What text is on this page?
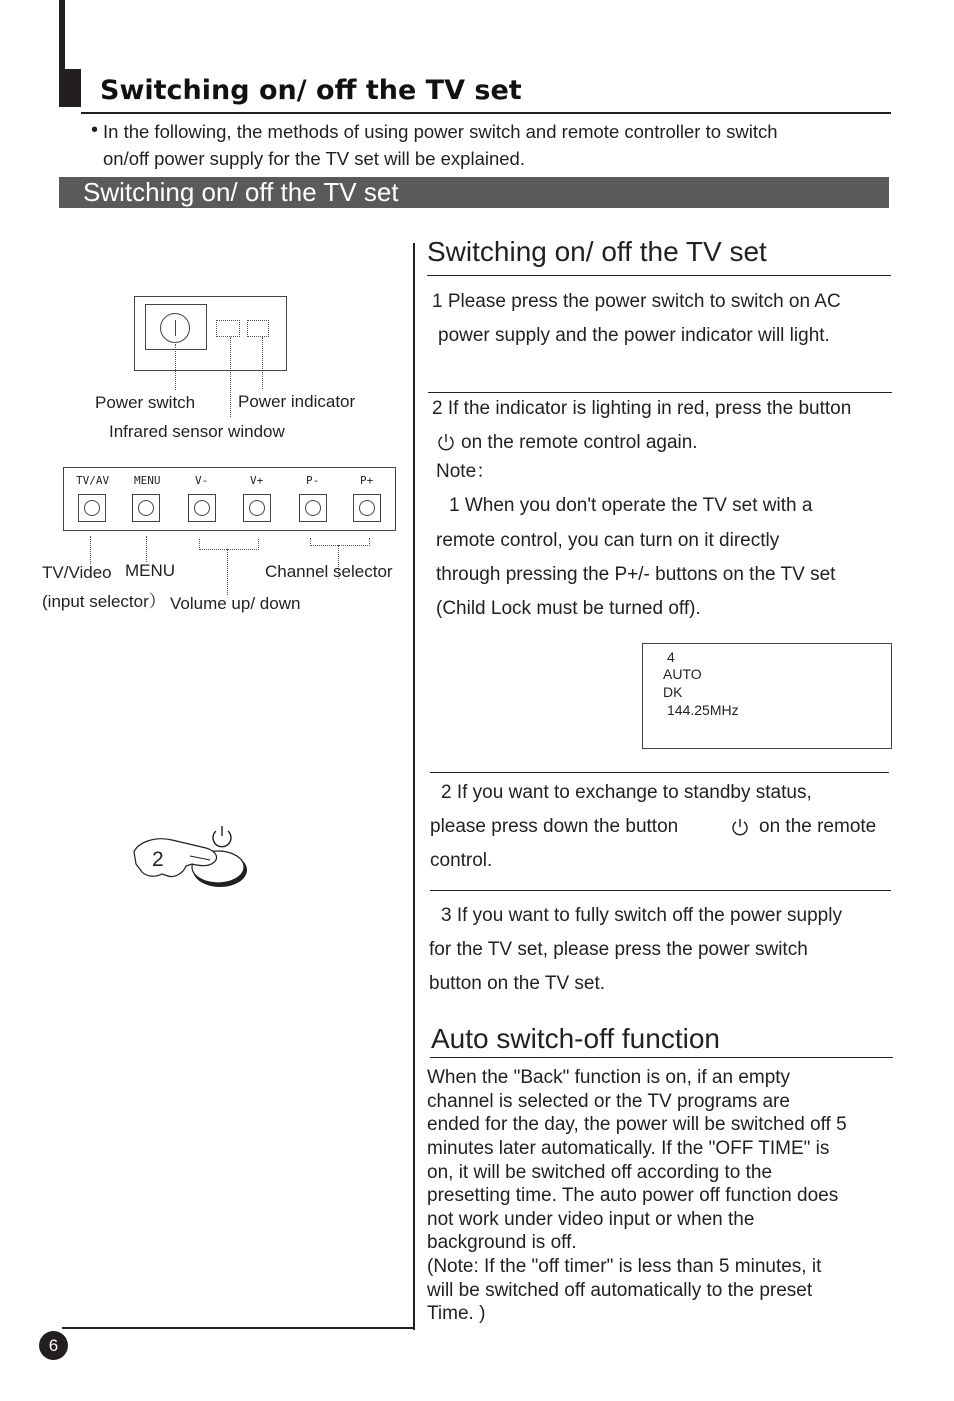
Switching on/ off the TV set
• In the following, the methods of using power switch and remote controller to switch
on/off power supply for the TV set will be explained.
Switching on/ off the TV set
Power switch	Power indicator
Infrared sensor window
TV/AV MENU	V-	V+	P-	P+
TV/Video
(input selector）
MENU	Channel selector
Volume up/ down
2
Switching on/ off the TV set
1 Please press the power switch to switch on AC
power supply and the power indicator will light.
2 If the indicator is lighting in red, press the button
on the remote control again.
Note：
1 When you don't operate the TV set with a
remote control, you can turn on it directly
through pressing the P+/- buttons on the TV set
(Child Lock must be turned off).
4
AUTO
DK
144.25MHz
2 If you want to exchange to standby status,
please press down the button	on the remote
control.
3 If you want to fully switch off the power supply
for the TV set, please press the power switch
button on the TV set.
Auto switch-off function
When the "Back" function is on, if an empty
channel is selected or the TV programs are
ended for the day, the power will be switched off 5
minutes later automatically. If the "OFF TIME" is
on, it will be switched off according to the
presetting time. The auto power off function does
not work under video input or when the
background is off.
(Note: If the "off timer" is less than 5 minutes, it
will be switched off automatically to the preset
Time. )
6
